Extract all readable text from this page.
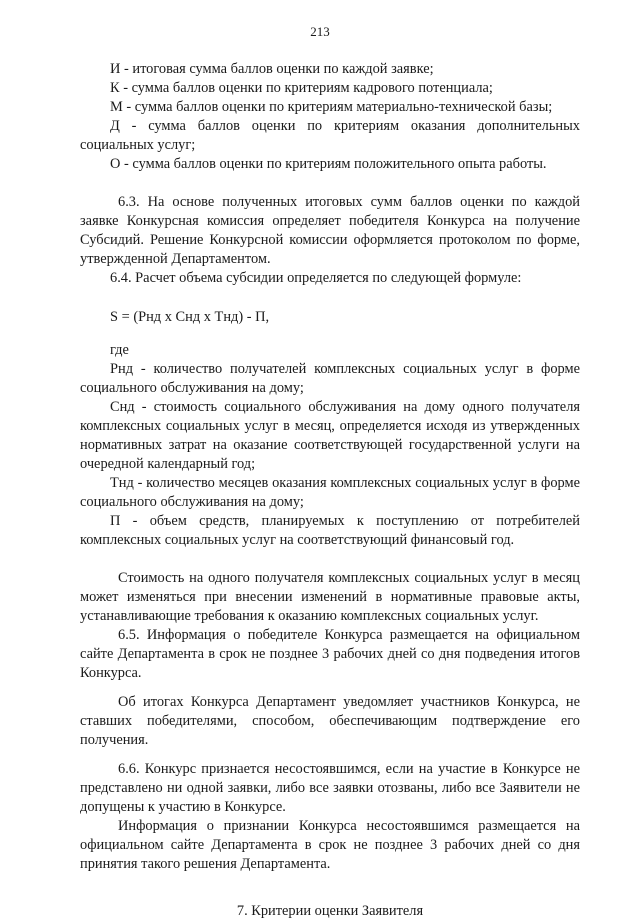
213

И - итоговая сумма баллов оценки по каждой заявке;

К - сумма баллов оценки по критериям кадрового потенциала;

М - сумма баллов оценки по критериям материально-технической базы;

Д - сумма баллов оценки по критериям оказания дополнительных социальных услуг;

О - сумма баллов оценки по критериям положительного опыта работы.

6.3. На основе полученных итоговых сумм баллов оценки по каждой заявке Конкурсная комиссия определяет победителя Конкурса на получение Субсидий. Решение Конкурсной комиссии оформляется протоколом по форме, утвержденной Департаментом.

6.4. Расчет объема субсидии определяется по следующей формуле:

S = (Рнд x Снд x Тнд) - П,

где

Рнд - количество получателей комплексных социальных услуг в форме социального обслуживания на дому;

Снд - стоимость социального обслуживания на дому одного получателя комплексных социальных услуг в месяц, определяется исходя из утвержденных нормативных затрат на оказание соответствующей государственной услуги на очередной календарный год;

Тнд - количество месяцев оказания комплексных социальных услуг в форме социального обслуживания на дому;

П - объем средств, планируемых к поступлению от потребителей комплексных социальных услуг на соответствующий финансовый год.

Стоимость на одного получателя комплексных социальных услуг в месяц может изменяться при внесении изменений в нормативные правовые акты, устанавливающие требования к оказанию комплексных социальных услуг.

6.5. Информация о победителе Конкурса размещается на официальном сайте Департамента в срок не позднее 3 рабочих дней со дня подведения итогов Конкурса.

Об итогах Конкурса Департамент уведомляет участников Конкурса, не ставших победителями, способом, обеспечивающим подтверждение его получения.

6.6. Конкурс признается несостоявшимся, если на участие в Конкурсе не представлено ни одной заявки, либо все заявки отозваны, либо все Заявители не допущены к участию в Конкурсе.

Информация о признании Конкурса несостоявшимся размещается на официальном сайте Департамента в срок не позднее 3 рабочих дней со дня принятия такого решения Департамента.

7. Критерии оценки Заявителя
